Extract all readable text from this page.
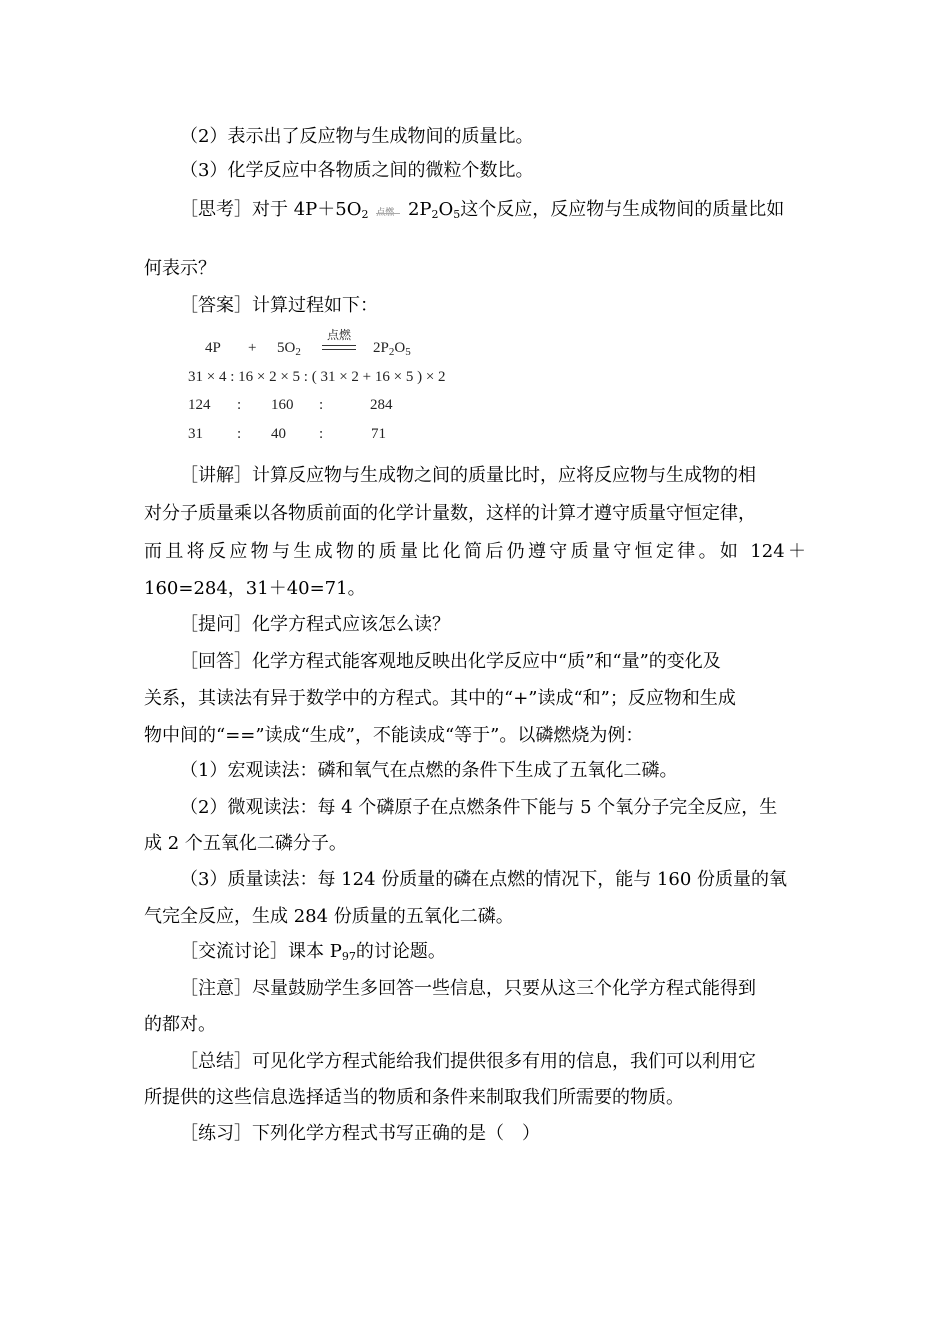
（2）表示出了反应物与生成物间的质量比。
（3）化学反应中各物质之间的微粒个数比。
［思考］对于 $4P+5O_2$ 点燃 $2P_2O_5$这个反应，反应物与生成物间的质量比如
何表示？
［答案］计算过程如下：
$4P + 5O_2$
点燃
$2P_2O_5$
31 × 4 : 16 × 2 × 5 : ( 31 × 2 + 16 × 5 ) × 2
124 : 160 :	284
31 : 40 :	71
［讲解］计算反应物与生成物之间的质量比时，应将反应物与生成物的相
对分子质量乘以各物质前面的化学计量数，这样的计算才遵守质量守恒定律，
而且将反应物与生成物的质量比化简后仍遵守质量守恒定律。如 124＋
160=284，31＋40=71。
［提问］化学方程式应该怎么读？
［回答］化学方程式能客观地反映出化学反应中“质”和“量”的变化及
关系，其读法有异于数学中的方程式。其中的“+”读成“和”；反应物和生成
物中间的“==”读成“生成”，不能读成“等于”。以磷燃烧为例：
（1）宏观读法：磷和氧气在点燃的条件下生成了五氧化二磷。
（2）微观读法：每 4 个磷原子在点燃条件下能与 5 个氧分子完全反应，生
成 2 个五氧化二磷分子。
（3）质量读法：每 124 份质量的磷在点燃的情况下，能与 160 份质量的氧
气完全反应，生成 284 份质量的五氧化二磷。
［交流讨论］课本 $P_{97}$的讨论题。
［注意］尽量鼓励学生多回答一些信息，只要从这三个化学方程式能得到
的都对。
［总结］可见化学方程式能给我们提供很多有用的信息，我们可以利用它
所提供的这些信息选择适当的物质和条件来制取我们所需要的物质。
［练习］下列化学方程式书写正确的是（　）
